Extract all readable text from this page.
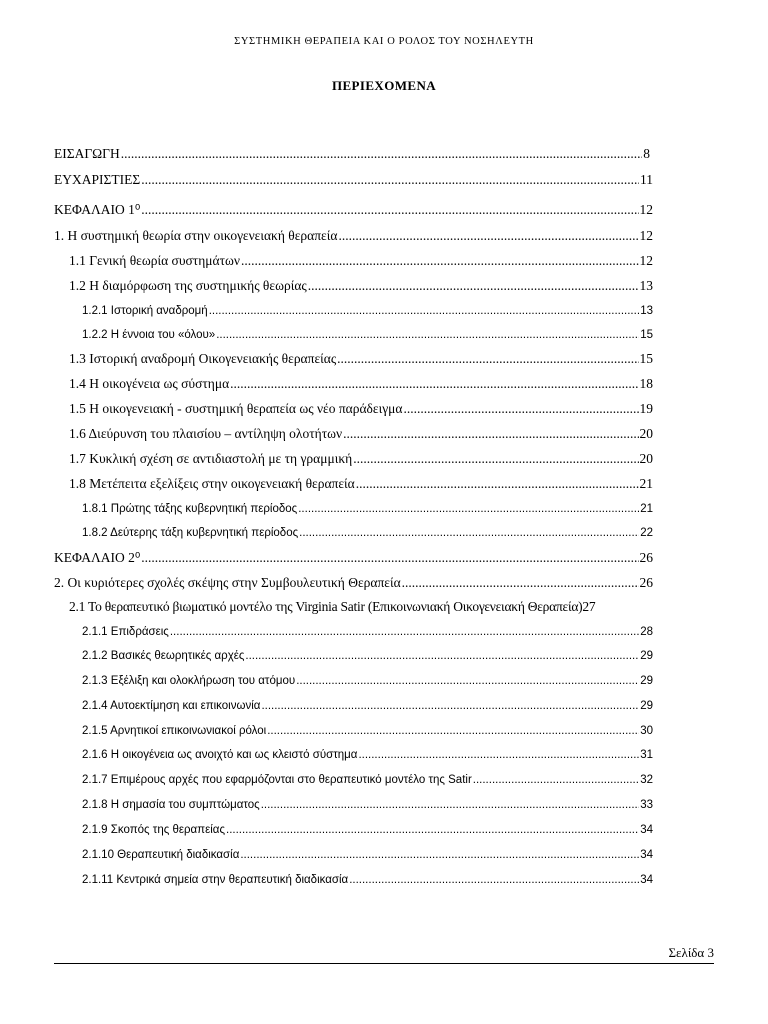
ΣΥΣΤΗΜΙΚΗ ΘΕΡΑΠΕΙΑ ΚΑΙ Ο ΡΟΛΟΣ ΤΟΥ ΝΟΣΗΛΕΥΤΗ
ΠΕΡΙΕΧΟΜΕΝΑ
ΕΙΣΑΓΩΓΗ .....	8
ΕΥΧΑΡΙΣΤΙΕΣ .....	11
ΚΕΦΑΛΑΙΟ 1⁰ .....	12
1. Η συστημική θεωρία στην οικογενειακή θεραπεία .....	12
1.1 Γενική θεωρία συστημάτων .....	12
1.2 Η διαμόρφωση της συστημικής θεωρίας .....	13
1.2.1 Ιστορική αναδρομή .....	13
1.2.2 Η έννοια του «όλου» .....	15
1.3 Ιστορική αναδρομή Οικογενειακής θεραπείας .....	15
1.4 Η οικογένεια ως σύστημα .....	18
1.5 Η οικογενειακή - συστημική θεραπεία ως νέο παράδειγμα .....	19
1.6 Διεύρυνση του πλαισίου – αντίληψη ολοτήτων .....	20
1.7 Κυκλική σχέση σε αντιδιαστολή με τη γραμμική .....	20
1.8 Μετέπειτα εξελίξεις στην οικογενειακή θεραπεία .....	21
1.8.1 Πρώτης τάξης κυβερνητική περίοδος .....	21
1.8.2 Δεύτερης τάξη κυβερνητική περίοδος .....	22
ΚΕΦΑΛΑΙΟ 2⁰ .....	26
2. Οι κυριότερες σχολές σκέψης στην Συμβουλευτική Θεραπεία .....	26
2.1 Το θεραπευτικό βιωματικό μοντέλο της Virginia Satir (Επικοινωνιακή Οικογενειακή Θεραπεία) 27
2.1.1 Επιδράσεις .....	28
2.1.2 Βασικές θεωρητικές αρχές .....	29
2.1.3 Εξέλιξη και ολοκλήρωση του ατόμου .....	29
2.1.4 Αυτοεκτίμηση και επικοινωνία .....	29
2.1.5 Αρνητικοί επικοινωνιακοί ρόλοι .....	30
2.1.6 Η οικογένεια ως ανοιχτό και ως κλειστό σύστημα .....	31
2.1.7 Επιμέρους αρχές που εφαρμόζονται στο θεραπευτικό μοντέλο της Satir .....	32
2.1.8 Η σημασία του συμπτώματος .....	33
2.1.9 Σκοπός της θεραπείας .....	34
2.1.10 Θεραπευτική διαδικασία .....	34
2.1.11 Κεντρικά σημεία στην θεραπευτική διαδικασία .....	34
Σελίδα 3
